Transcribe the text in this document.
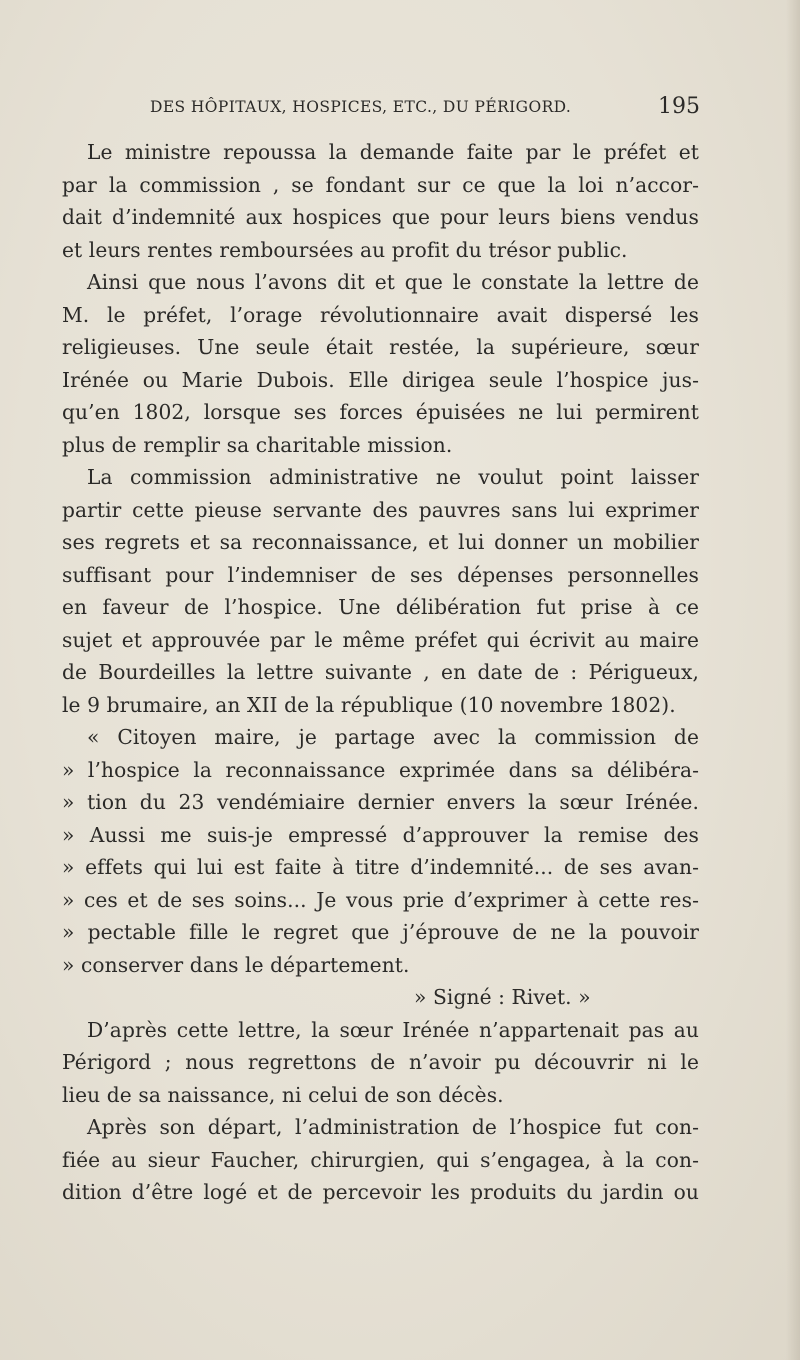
DES HÔPITAUX, HOSPICES, ETC., DU PÉRIGORD.	195
Le ministre repoussa la demande faite par le préfet et
par la commission , se fondant sur ce que la loi n’accor-
dait d’indemnité aux hospices que pour leurs biens vendus
et leurs rentes remboursées au profit du trésor public.
Ainsi que nous l’avons dit et que le constate la lettre de
M. le préfet, l’orage révolutionnaire avait dispersé les
religieuses. Une seule était restée, la supérieure, sœur
Irénée ou Marie Dubois. Elle dirigea seule l’hospice jus-
qu’en 1802, lorsque ses forces épuisées ne lui permirent
plus de remplir sa charitable mission.
La commission administrative ne voulut point laisser
partir cette pieuse servante des pauvres sans lui exprimer
ses regrets et sa reconnaissance, et lui donner un mobilier
suffisant pour l’indemniser de ses dépenses personnelles
en faveur de l’hospice. Une délibération fut prise à ce
sujet et approuvée par le même préfet qui écrivit au maire
de Bourdeilles la lettre suivante , en date de : Périgueux,
le 9 brumaire, an XII de la république (10 novembre 1802).
« Citoyen maire, je partage avec la commission de
» l’hospice la reconnaissance exprimée dans sa délibéra-
» tion du 23 vendémiaire dernier envers la sœur Irénée.
» Aussi me suis-je empressé d’approuver la remise des
» effets qui lui est faite à titre d’indemnité... de ses avan-
» ces et de ses soins... Je vous prie d’exprimer à cette res-
» pectable fille le regret que j’éprouve de ne la pouvoir
» conserver dans le département.
» Signé : Rivet. »
D’après cette lettre, la sœur Irénée n’appartenait pas au
Périgord ; nous regrettons de n’avoir pu découvrir ni le
lieu de sa naissance, ni celui de son décès.
Après son départ, l’administration de l’hospice fut con-
fiée au sieur Faucher, chirurgien, qui s’engagea, à la con-
dition d’être logé et de percevoir les produits du jardin ou
